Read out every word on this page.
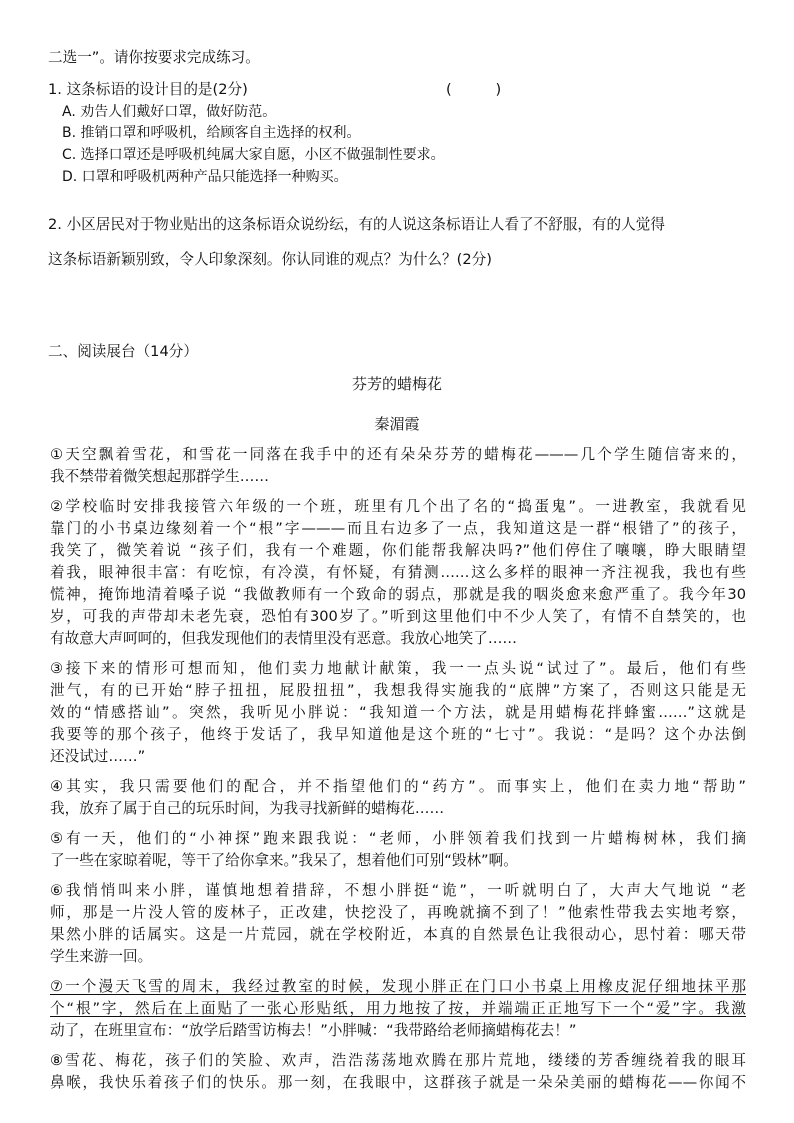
二选一”。请你按要求完成练习。
1. 这条标语的设计目的是(2分)	(　　　)
A. 劝告人们戴好口罩，做好防范。
B. 推销口罩和呼吸机，给顾客自主选择的权利。
C. 选择口罩还是呼吸机纯属大家自愿，小区不做强制性要求。
D. 口罩和呼吸机两种产品只能选择一种购买。
2. 小区居民对于物业贴出的这条标语众说纷纭，有的人说这条标语让人看了不舒服，有的人觉得
这条标语新颖别致，令人印象深刻。你认同谁的观点？为什么？(2分)
二、阅读展台（14分）
芬芳的蜡梅花
秦湄霞
①天空飘着雪花，和雪花一同落在我手中的还有朵朵芬芳的蜡梅花———几个学生随信寄来的，
我不禁带着微笑想起那群学生……
②学校临时安排我接管六年级的一个班，班里有几个出了名的“捣蛋鬼”。一进教室，我就看见
靠门的小书桌边缘刻着一个“根”字———而且右边多了一点，我知道这是一群“根错了”的孩子，
我笑了，微笑着说 “孩子们，我有一个难题，你们能帮我解决吗?”他们停住了嚷嚷，睁大眼睛望
着我，眼神很丰富：有吃惊，有冷漠，有怀疑，有猜测……这么多样的眼神一齐注视我，我也有些
慌神，掩饰地清着嗓子说 “我做教师有一个致命的弱点，那就是我的咽炎愈来愈严重了。我今年30
岁，可我的声带却未老先衰，恐怕有300岁了。”听到这里他们中不少人笑了，有情不自禁笑的，也
有故意大声呵呵的，但我发现他们的表情里没有恶意。我放心地笑了……
③接下来的情形可想而知，他们卖力地献计献策，我一一点头说“试过了”。最后，他们有些
泄气，有的已开始“脖子扭扭，屁股扭扭”，我想我得实施我的“底牌”方案了，否则这只能是无
效的“情感搭讪”。突然，我听见小胖说：“我知道一个方法，就是用蜡梅花拌蜂蜜……”这就是
我要等的那个孩子，他终于发话了，我早知道他是这个班的“七寸”。我说：“是吗？这个办法倒
还没试过……”
④其实，我只需要他们的配合，并不指望他们的“药方”。而事实上，他们在卖力地“帮助”
我，放弃了属于自己的玩乐时间，为我寻找新鲜的蜡梅花……
⑤有一天，他们的“小神探”跑来跟我说：“老师，小胖领着我们找到一片蜡梅树林，我们摘
了一些在家晾着呢，等干了给你拿来。”我呆了，想着他们可别“毁林”啊。
⑥我悄悄叫来小胖，谨慎地想着措辞，不想小胖挺“诡”，一听就明白了，大声大气地说 “老
师，那是一片没人管的废林子，正改建，快挖没了，再晚就摘不到了！”他索性带我去实地考察，
果然小胖的话属实。这是一片荒园，就在学校附近，本真的自然景色让我很动心，思忖着：哪天带
学生来游一回。
⑦一个漫天飞雪的周末，我经过教室的时候，发现小胖正在门口小书桌上用橡皮泥仔细地抹平那
个“根”字，然后在上面贴了一张心形贴纸，用力地按了按，并端端正正地写下一个“爱”字。我激
动了，在班里宣布：“放学后踏雪访梅去！”小胖喊：“我带路给老师摘蜡梅花去！”
⑧雪花、梅花，孩子们的笑脸、欢声，浩浩荡荡地欢腾在那片荒地，缕缕的芳香缠绕着我的眼耳
鼻喉，我快乐着孩子们的快乐。那一刻，在我眼中，这群孩子就是一朵朵美丽的蜡梅花——你闻不
